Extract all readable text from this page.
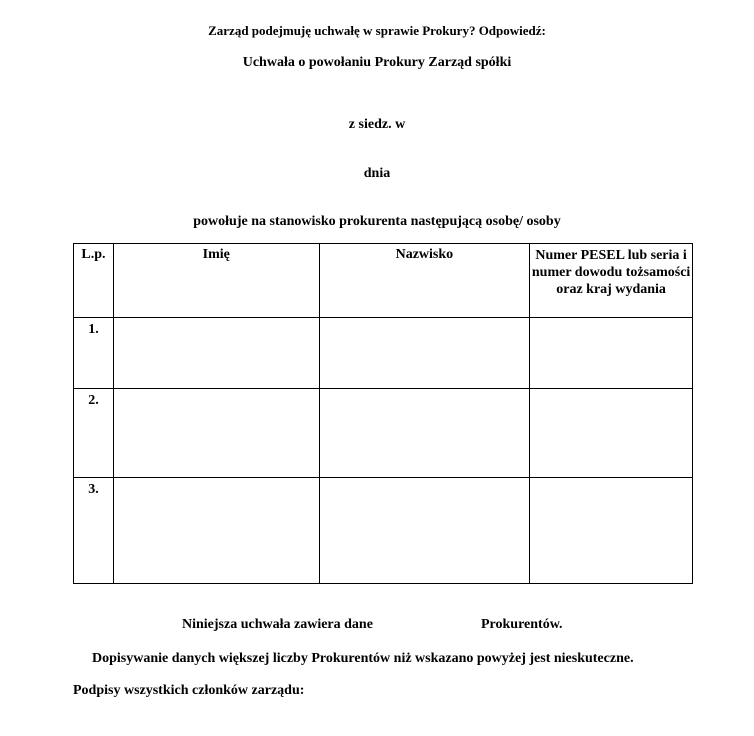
Zarząd podejmuję uchwałę w sprawie Prokury? Odpowiedź:
Uchwała o powołaniu Prokury Zarząd spółki
z siedz. w
dnia
powołuje na stanowisko prokurenta następującą osobę/ osoby
L.p.	Imię	Nazwisko	Numer PESEL lub seria i numer dowodu tożsamości oraz kraj wydania
1.			
2.			
3.			
Niniejsza uchwała zawiera dane	Prokurentów.
Dopisywanie danych większej liczby Prokurentów niż wskazano powyżej jest nieskuteczne.
Podpisy wszystkich członków zarządu:
